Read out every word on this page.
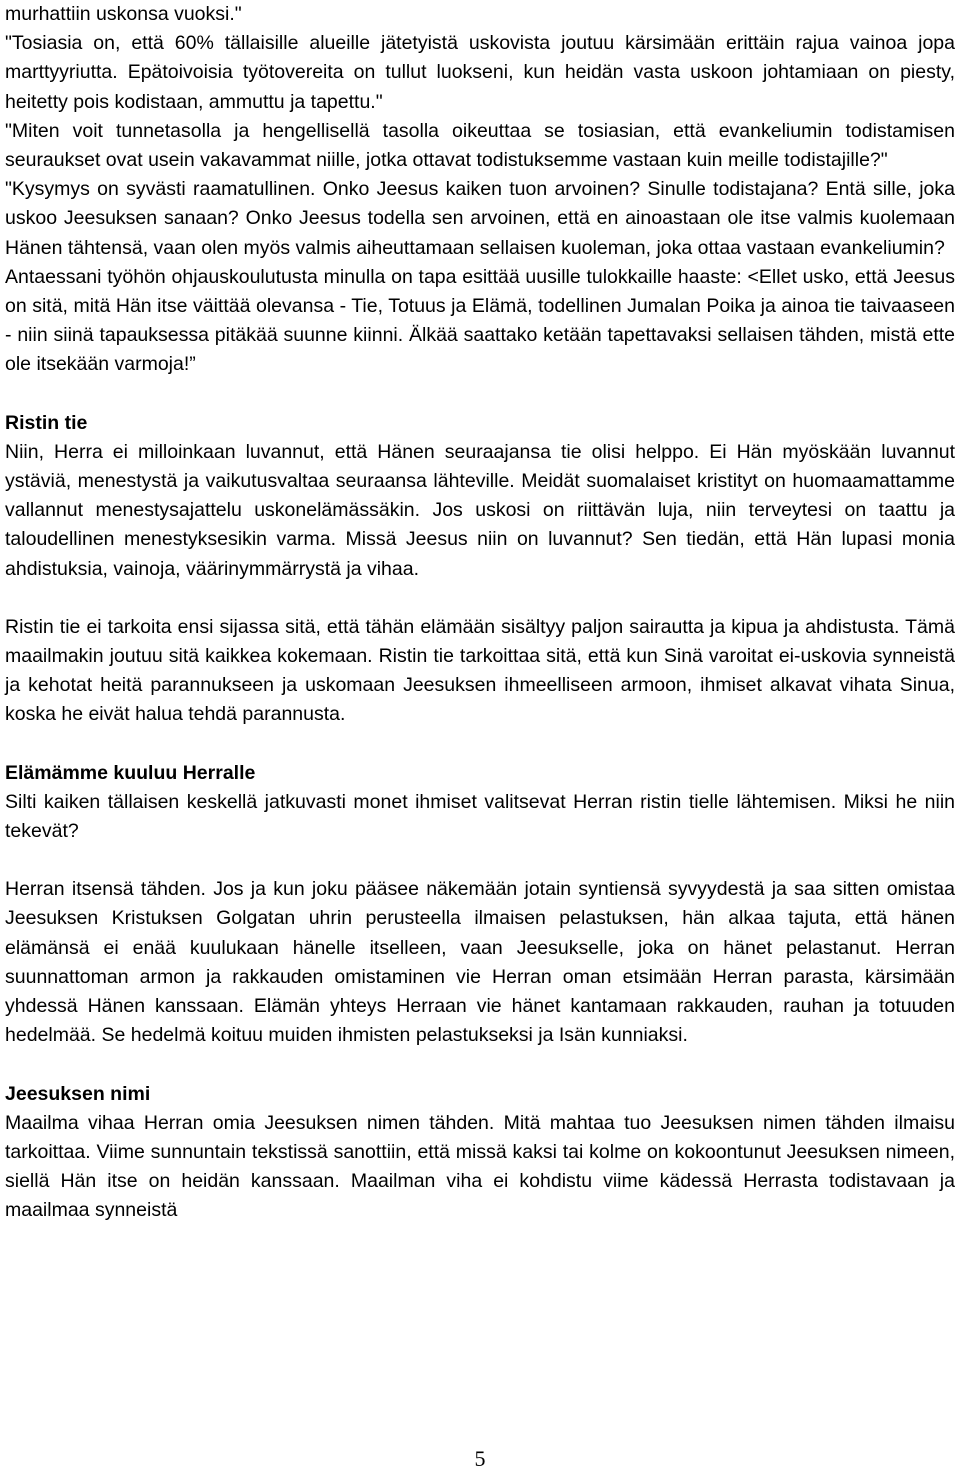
murhattiin uskonsa vuoksi."

"Tosiasia on, että 60% tällaisille alueille jätetyistä uskovista joutuu kärsimään erittäin rajua vainoa jopa marttyyriutta. Epätoivoisia työtovereita on tullut luokseni, kun heidän vasta uskoon johtamiaan on piesty, heitetty pois kodistaan, ammuttu ja tapettu."

"Miten voit tunnetasolla ja hengellisellä tasolla oikeuttaa se tosiasian, että evankeliumin todistamisen seuraukset ovat usein vakavammat niille, jotka ottavat todistuksemme vastaan kuin meille todistajille?"

"Kysymys on syvästi raamatullinen. Onko Jeesus kaiken tuon arvoinen? Sinulle todistajana? Entä sille, joka uskoo Jeesuksen sanaan? Onko Jeesus todella sen arvoinen, että en ainoastaan ole itse valmis kuolemaan Hänen tähtensä, vaan olen myös valmis aiheuttamaan sellaisen kuoleman, joka ottaa vastaan evankeliumin?

Antaessani työhön ohjauskoulutusta minulla on tapa esittää uusille tulokkaille haaste: <Ellet usko, että Jeesus on sitä, mitä Hän itse väittää olevansa - Tie, Totuus ja Elämä, todellinen Jumalan Poika ja ainoa tie taivaaseen - niin siinä tapauksessa pitäkää suunne kiinni. Älkää saattako ketään tapettavaksi sellaisen tähden, mistä ette ole itsekään varmoja!”

Ristin tie

Niin, Herra ei milloinkaan luvannut, että Hänen seuraajansa tie olisi helppo. Ei Hän myöskään luvannut ystäviä, menestystä ja vaikutusvaltaa seuraansa lähteville. Meidät suomalaiset kristityt on huomaamattamme vallannut menestysajattelu uskonelämässäkin. Jos uskosi on riittävän luja, niin terveytesi on taattu ja taloudellinen menestyksesikin varma. Missä Jeesus niin on luvannut? Sen tiedän, että Hän lupasi monia ahdistuksia, vainoja, väärinymmärrystä ja vihaa.

Ristin tie ei tarkoita ensi sijassa sitä, että tähän elämään sisältyy paljon sairautta ja kipua ja ahdistusta. Tämä maailmakin joutuu sitä kaikkea kokemaan. Ristin tie tarkoittaa sitä, että kun Sinä varoitat ei-uskovia synneistä ja kehotat heitä parannukseen ja uskomaan Jeesuksen ihmeelliseen armoon, ihmiset alkavat vihata Sinua, koska he eivät halua tehdä parannusta.

Elämämme kuuluu Herralle

Silti kaiken tällaisen keskellä jatkuvasti monet ihmiset valitsevat Herran ristin tielle lähtemisen. Miksi he niin tekevät?

Herran itsensä tähden. Jos ja kun joku pääsee näkemään jotain syntiensä syvyydestä ja saa sitten omistaa Jeesuksen Kristuksen Golgatan uhrin perusteella ilmaisen pelastuksen, hän alkaa tajuta, että hänen elämänsä ei enää kuulukaan hänelle itselleen, vaan Jeesukselle, joka on hänet pelastanut. Herran suunnattoman armon ja rakkauden omistaminen vie Herran oman etsimään Herran parasta, kärsimään yhdessä Hänen kanssaan. Elämän yhteys Herraan vie hänet kantamaan rakkauden, rauhan ja totuuden hedelmää. Se hedelmä koituu muiden ihmisten pelastukseksi ja Isän kunniaksi.

Jeesuksen nimi

Maailma vihaa Herran omia Jeesuksen nimen tähden. Mitä mahtaa tuo Jeesuksen nimen tähden ilmaisu tarkoittaa. Viime sunnuntain tekstissä sanottiin, että missä kaksi tai kolme on kokoontunut Jeesuksen nimeen, siellä Hän itse on heidän kanssaan. Maailman viha ei kohdistu viime kädessä Herrasta todistavaan ja maailmaa synneistä

5
